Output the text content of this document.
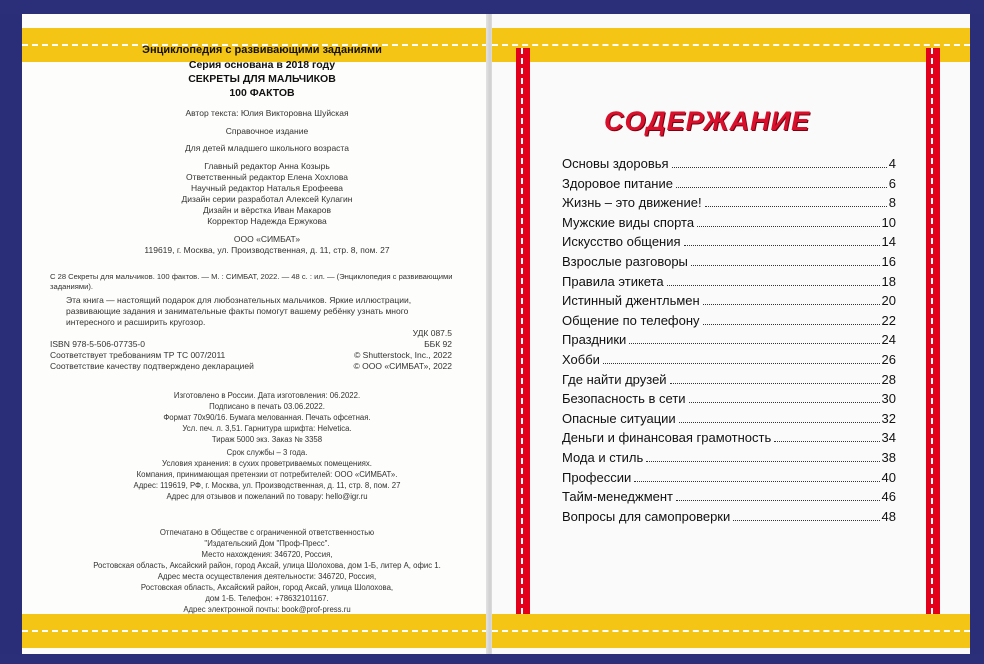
Энциклопедия с развивающими заданиями
Серия основана в 2018 году
СЕКРЕТЫ ДЛЯ МАЛЬЧИКОВ
100 ФАКТОВ
Автор текста: Юлия Викторовна Шуйская
Справочное издание
Для детей младшего школьного возраста
Главный редактор Анна Козырь
Ответственный редактор Елена Хохлова
Научный редактор Наталья Ерофеева
Дизайн серии разработал Алексей Кулагин
Дизайн и вёрстка Иван Макаров
Корректор Надежда Ержукова
ООО «СИМБАТ»
119619, г. Москва, ул. Производственная, д. 11, стр. 8, пом. 27
С 28 Секреты для мальчиков. 100 фактов. — М. : СИМБАТ, 2022. — 48 с. : ил. — (Энциклопедия с развивающими
заданиями).
Эта книга — настоящий подарок для любознательных мальчиков. Яркие иллюстрации,
развивающие задания и занимательные факты помогут вашему ребёнку узнать много
интересного и расширить кругозор.
УДК 087.5
ББК 92
ISBN 978-5-506-07735-0
Соответствует требованиям ТР ТС 007/2011	© Shutterstock, Inc., 2022
Соответствие качеству подтверждено декларацией	© ООО «СИМБАТ», 2022
Изготовлено в России. Дата изготовления: 06.2022.
Подписано в печать 03.06.2022.
Формат 70x90/16. Бумага мелованная. Печать офсетная.
Усл. печ. л. 3,51. Гарнитура шрифта: Helvetica.
Тираж 5000 экз. Заказ № 3358
Срок службы – 3 года.
Условия хранения: в сухих проветриваемых помещениях.
Компания, принимающая претензии от потребителей: ООО «СИМБАТ».
Адрес: 119619, РФ, г. Москва, ул. Производственная, д. 11, стр. 8, пом. 27
Адрес для отзывов и пожеланий по товару: hello@igr.ru
Отпечатано в Обществе с ограниченной ответственностью
"Издательский Дом "Проф-Пресс".
Место нахождения: 346720, Россия,
Ростовская область, Аксайский район, город Аксай, улица Шолохова, дом 1-Б, литер А, офис 1.
Адрес места осуществления деятельности: 346720, Россия,
Ростовская область, Аксайский район, город Аксай, улица Шолохова,
дом 1-Б. Телефон: +78632101167.
Адрес электронной почты: book@prof-press.ru
СОДЕРЖАНИЕ
Основы здоровья	4
Здоровое питание	6
Жизнь – это движение!	8
Мужские виды спорта	10
Искусство общения	14
Взрослые разговоры	16
Правила этикета	18
Истинный джентльмен	20
Общение по телефону	22
Праздники	24
Хобби	26
Где найти друзей	28
Безопасность в сети	30
Опасные ситуации	32
Деньги и финансовая грамотность	34
Мода и стиль	38
Профессии	40
Тайм-менеджмент	46
Вопросы для самопроверки	48
